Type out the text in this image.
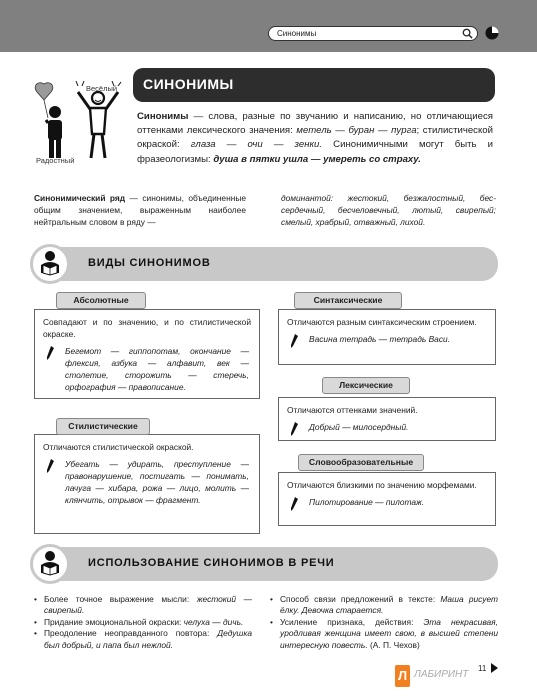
Синонимы
Весёлый
Радостный
СИНОНИМЫ

Синонимы — слова, разные по звучанию и написанию, но отличающиеся оттенками лексического значения: метель — буран — пурга; стилистической окраской: глаза — очи — зенки. Синонимичными могут быть и фразеологизмы: душа в пятки ушла — умереть со страху.

Синонимический ряд — синонимы, объединенные общим значением, выраженным наиболее нейтральным словом в ряду —

доминантой: жестокий, безжалостный, бессердечный, бесчеловечный, лютый, свирепый; смелый, храбрый, отважный, лихой.

ВИДЫ СИНОНИМОВ
Совпадают и по значению, и по стилистической окраске.
Бегемот — гиппопотам, окончание — флексия, азбука — алфавит, век — столетие, сторожить — стеречь, орфография — правописание.
Абсолютные
Отличаются стилистической окраской.
Убегать — удирать, преступление — правонарушение, постигать — понимать, лачуга — хибара, рожа — лицо, молить — клянчить, отрывок — фрагмент.
Стилистические
Отличаются разным синтаксическим строением.
Васина тетрадь — тетрадь Васи.
Синтаксические
Отличаются оттенками значений.
Добрый — милосердный.
Лексические
Отличаются близкими по значению морфемами.
Пилотирование — пилотаж.
Словообразовательные
ИСПОЛЬЗОВАНИЕ СИНОНИМОВ В РЕЧИ

• Более точное выражение мысли: жестокий — свирепый.

• Придание эмоциональной окраски: челуха — дичь.

• Преодоление неоправданного повтора: Дедушка был добрый, и папа был нежлой.

• Способ связи предложений в тексте: Маша рисует ёлку. Девочка старается.

• Усиление признака, действия: Эта некрасивая, уродливая женщина имеет свою, в высшей степени интересную повесть. (А. П. Чехов)

11
Л ЛАБИРИНТ
